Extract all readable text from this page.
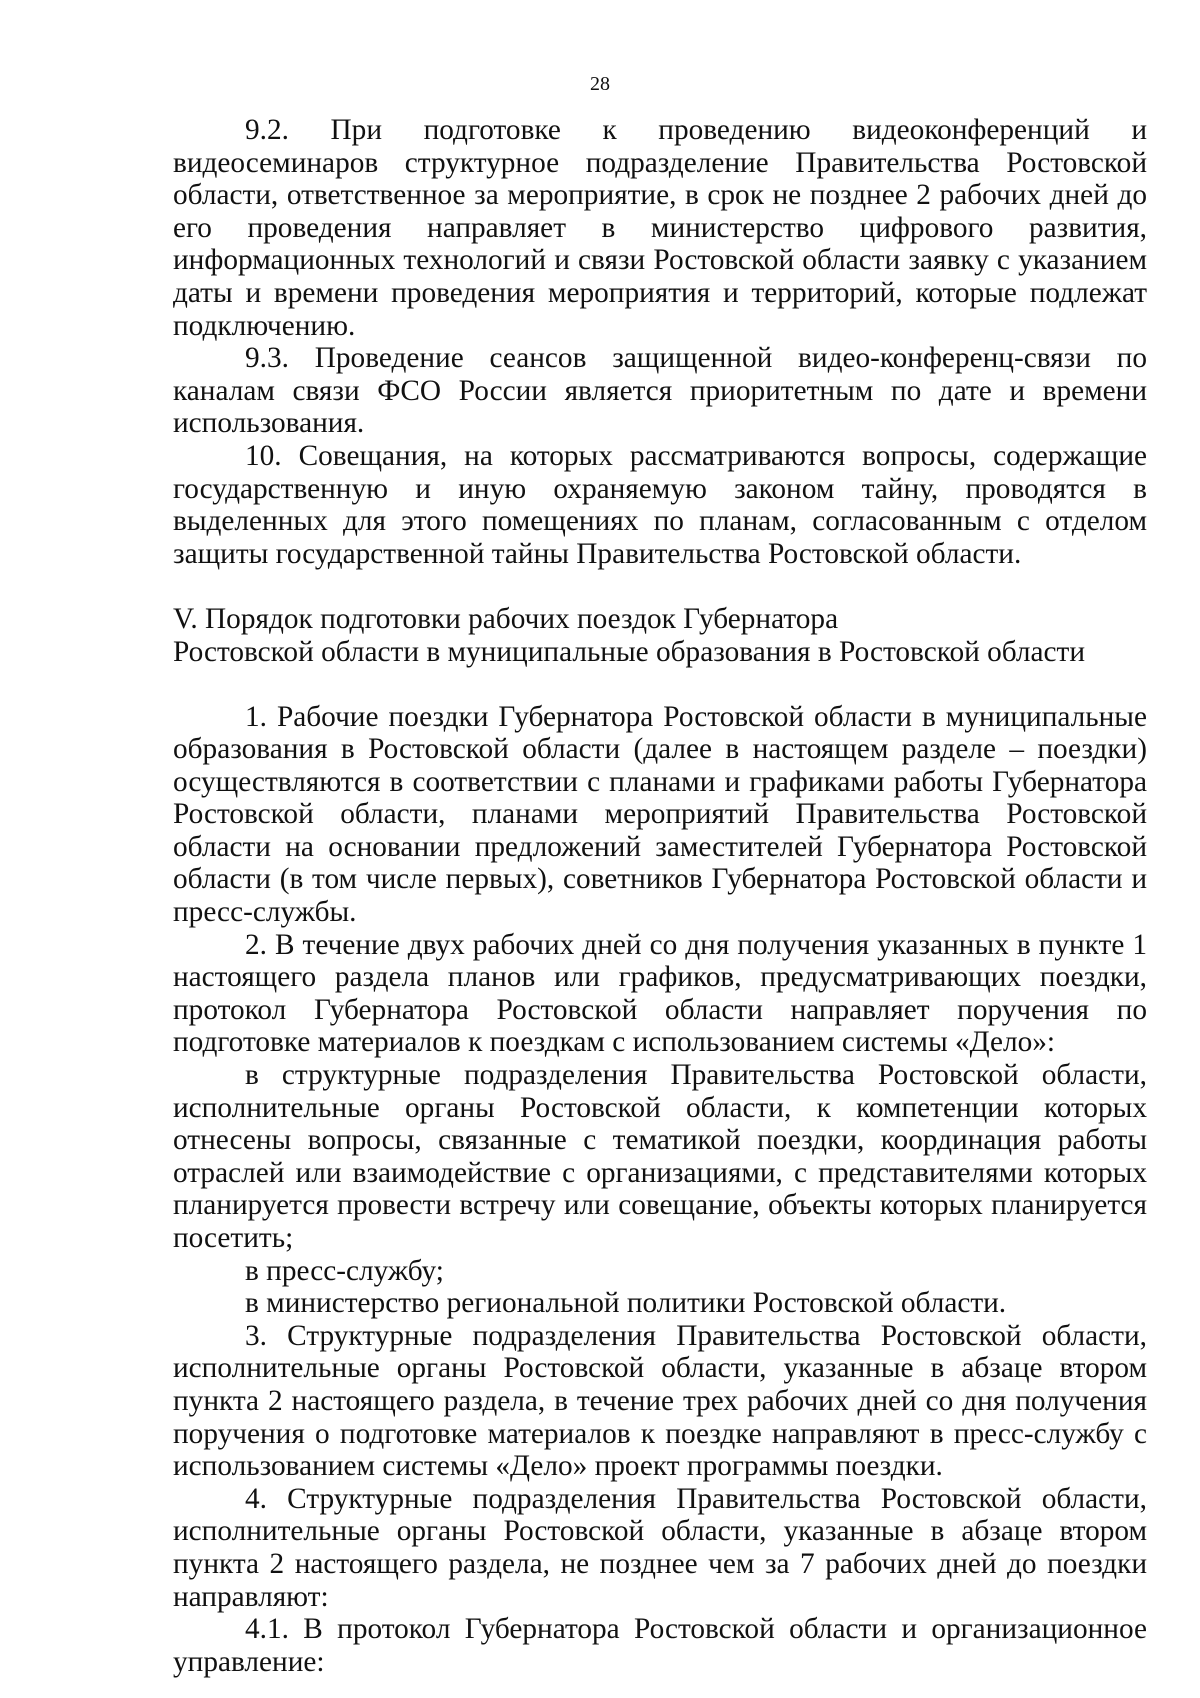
28

9.2. При подготовке к проведению видеоконференций и видеосеминаров структурное подразделение Правительства Ростовской области, ответственное за мероприятие, в срок не позднее 2 рабочих дней до его проведения направляет в министерство цифрового развития, информационных технологий и связи Ростовской области заявку с указанием даты и времени проведения мероприятия и территорий, которые подлежат подключению.

9.3. Проведение сеансов защищенной видео-конференц-связи по каналам связи ФСО России является приоритетным по дате и времени использования.

10. Совещания, на которых рассматриваются вопросы, содержащие государственную и иную охраняемую законом тайну, проводятся в выделенных для этого помещениях по планам, согласованным с отделом защиты государственной тайны Правительства Ростовской области.

V. Порядок подготовки рабочих поездок Губернатора
Ростовской области в муниципальные образования в Ростовской области

1. Рабочие поездки Губернатора Ростовской области в муниципальные образования в Ростовской области (далее в настоящем разделе – поездки) осуществляются в соответствии с планами и графиками работы Губернатора Ростовской области, планами мероприятий Правительства Ростовской области на основании предложений заместителей Губернатора Ростовской области (в том числе первых), советников Губернатора Ростовской области и пресс-службы.

2. В течение двух рабочих дней со дня получения указанных в пункте 1 настоящего раздела планов или графиков, предусматривающих поездки, протокол Губернатора Ростовской области направляет поручения по подготовке материалов к поездкам с использованием системы «Дело»:

в структурные подразделения Правительства Ростовской области, исполнительные органы Ростовской области, к компетенции которых отнесены вопросы, связанные с тематикой поездки, координация работы отраслей или взаимодействие с организациями, с представителями которых планируется провести встречу или совещание, объекты которых планируется посетить;

в пресс-службу;

в министерство региональной политики Ростовской области.

3. Структурные подразделения Правительства Ростовской области, исполнительные органы Ростовской области, указанные в абзаце втором пункта 2 настоящего раздела, в течение трех рабочих дней со дня получения поручения о подготовке материалов к поездке направляют в пресс-службу с использованием системы «Дело» проект программы поездки.

4. Структурные подразделения Правительства Ростовской области, исполнительные органы Ростовской области, указанные в абзаце втором пункта 2 настоящего раздела, не позднее чем за 7 рабочих дней до поездки направляют:

4.1. В протокол Губернатора Ростовской области и организационное управление:
